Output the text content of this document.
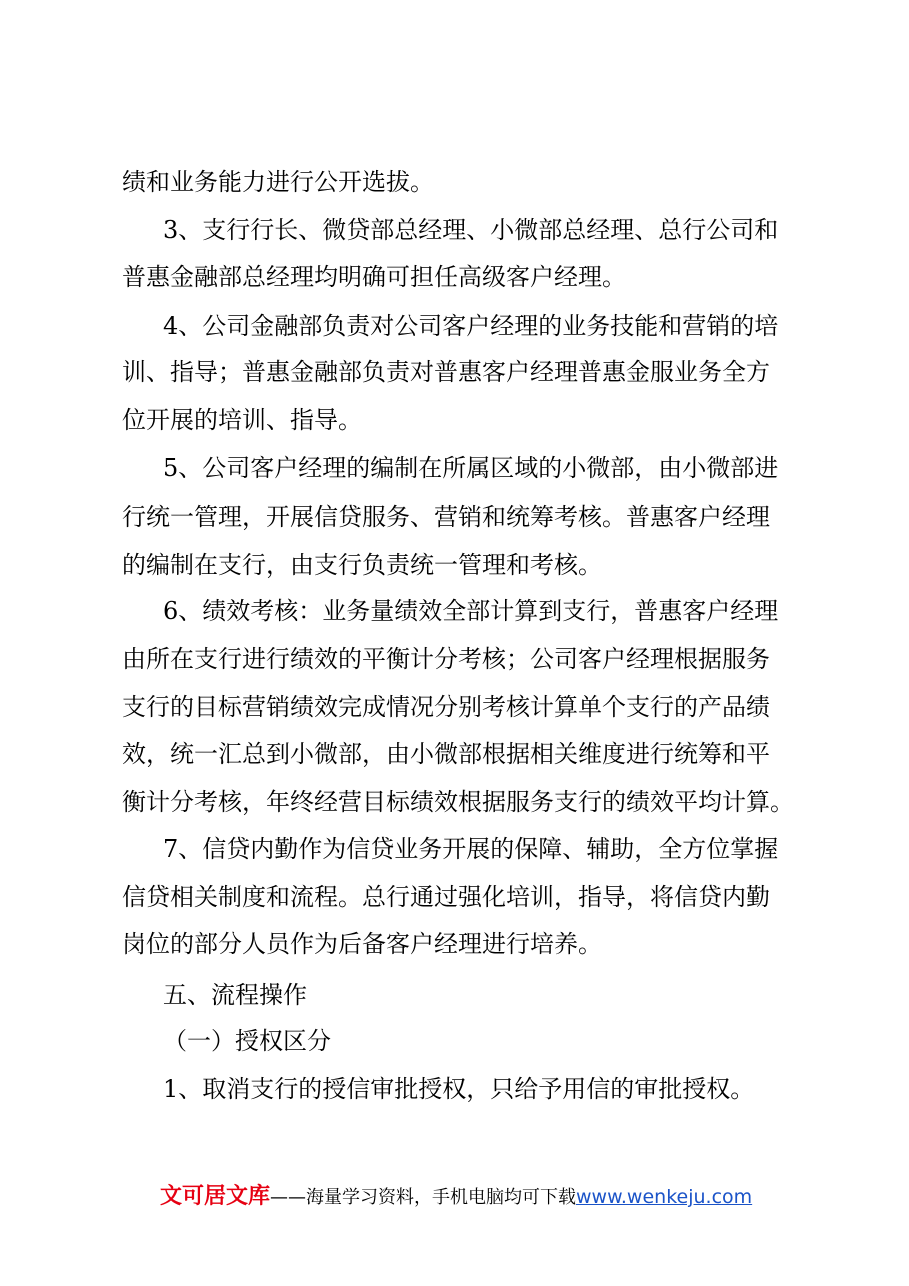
绩和业务能力进行公开选拔。
3、支行行长、微贷部总经理、小微部总经理、总行公司和
普惠金融部总经理均明确可担任高级客户经理。
4、公司金融部负责对公司客户经理的业务技能和营销的培
训、指导；普惠金融部负责对普惠客户经理普惠金服业务全方
位开展的培训、指导。
5、公司客户经理的编制在所属区域的小微部，由小微部进
行统一管理，开展信贷服务、营销和统筹考核。普惠客户经理
的编制在支行，由支行负责统一管理和考核。
6、绩效考核：业务量绩效全部计算到支行，普惠客户经理
由所在支行进行绩效的平衡计分考核；公司客户经理根据服务
支行的目标营销绩效完成情况分别考核计算单个支行的产品绩
效，统一汇总到小微部，由小微部根据相关维度进行统筹和平
衡计分考核，年终经营目标绩效根据服务支行的绩效平均计算。
7、信贷内勤作为信贷业务开展的保障、辅助，全方位掌握
信贷相关制度和流程。总行通过强化培训，指导，将信贷内勤
岗位的部分人员作为后备客户经理进行培养。
五、流程操作
（一）授权区分
1、取消支行的授信审批授权，只给予用信的审批授权。
文可居文库——海量学习资料，手机电脑均可下载www.wenkeju.com
